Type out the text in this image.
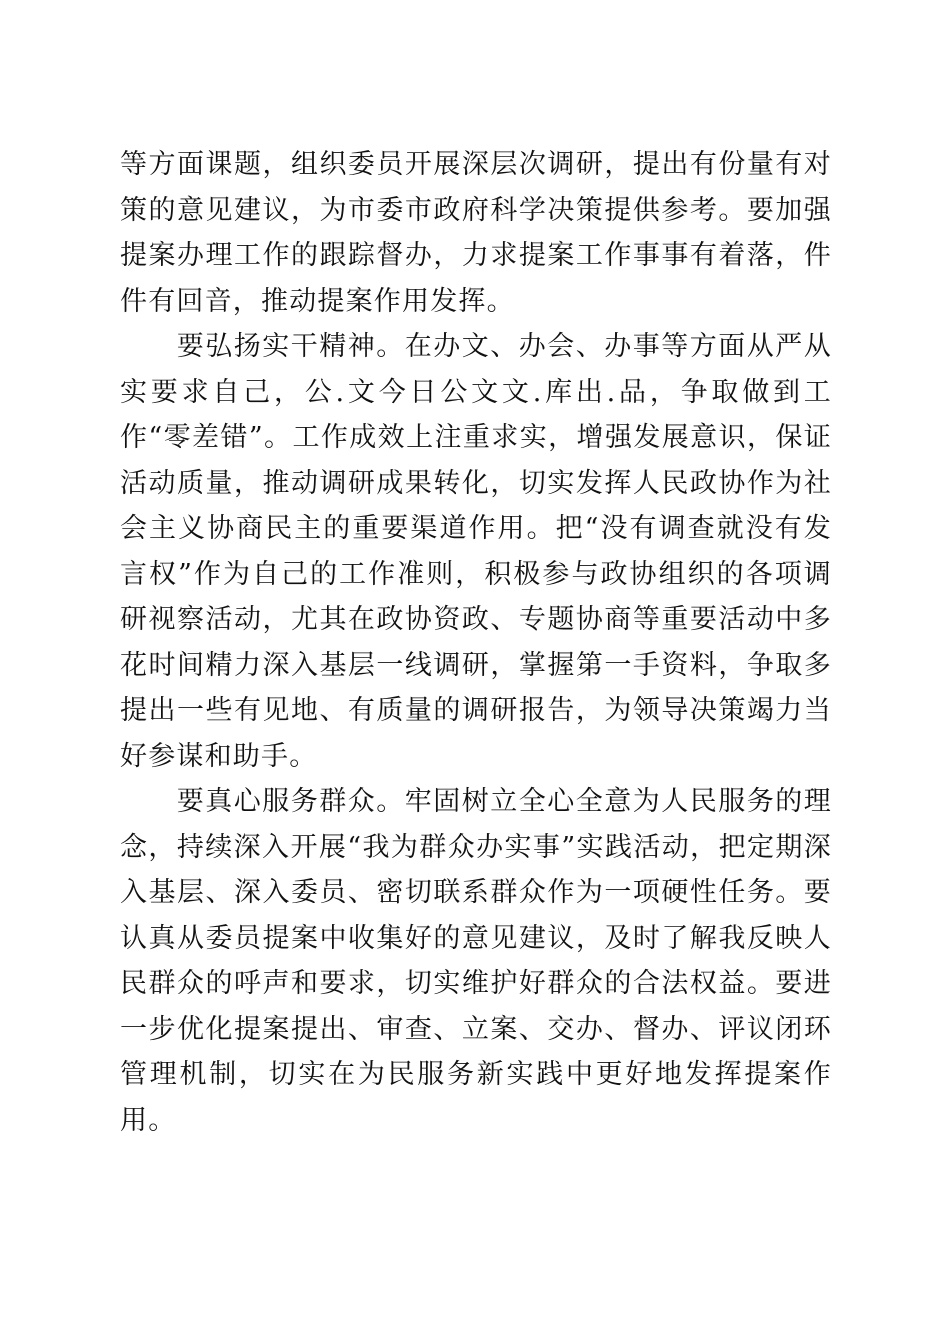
等方面课题，组织委员开展深层次调研，提出有份量有对策的意见建议，为市委市政府科学决策提供参考。要加强提案办理工作的跟踪督办，力求提案工作事事有着落，件件有回音，推动提案作用发挥。

要弘扬实干精神。在办文、办会、办事等方面从严从实要求自己，公.文今日公文文.库出.品，争取做到工作“零差错”。工作成效上注重求实，增强发展意识，保证活动质量，推动调研成果转化，切实发挥人民政协作为社会主义协商民主的重要渠道作用。把“没有调查就没有发言权”作为自己的工作准则，积极参与政协组织的各项调研视察活动，尤其在政协资政、专题协商等重要活动中多花时间精力深入基层一线调研，掌握第一手资料，争取多提出一些有见地、有质量的调研报告，为领导决策竭力当好参谋和助手。

要真心服务群众。牢固树立全心全意为人民服务的理念，持续深入开展“我为群众办实事”实践活动，把定期深入基层、深入委员、密切联系群众作为一项硬性任务。要认真从委员提案中收集好的意见建议，及时了解我反映人民群众的呼声和要求，切实维护好群众的合法权益。要进一步优化提案提出、审查、立案、交办、督办、评议闭环管理机制，切实在为民服务新实践中更好地发挥提案作用。
